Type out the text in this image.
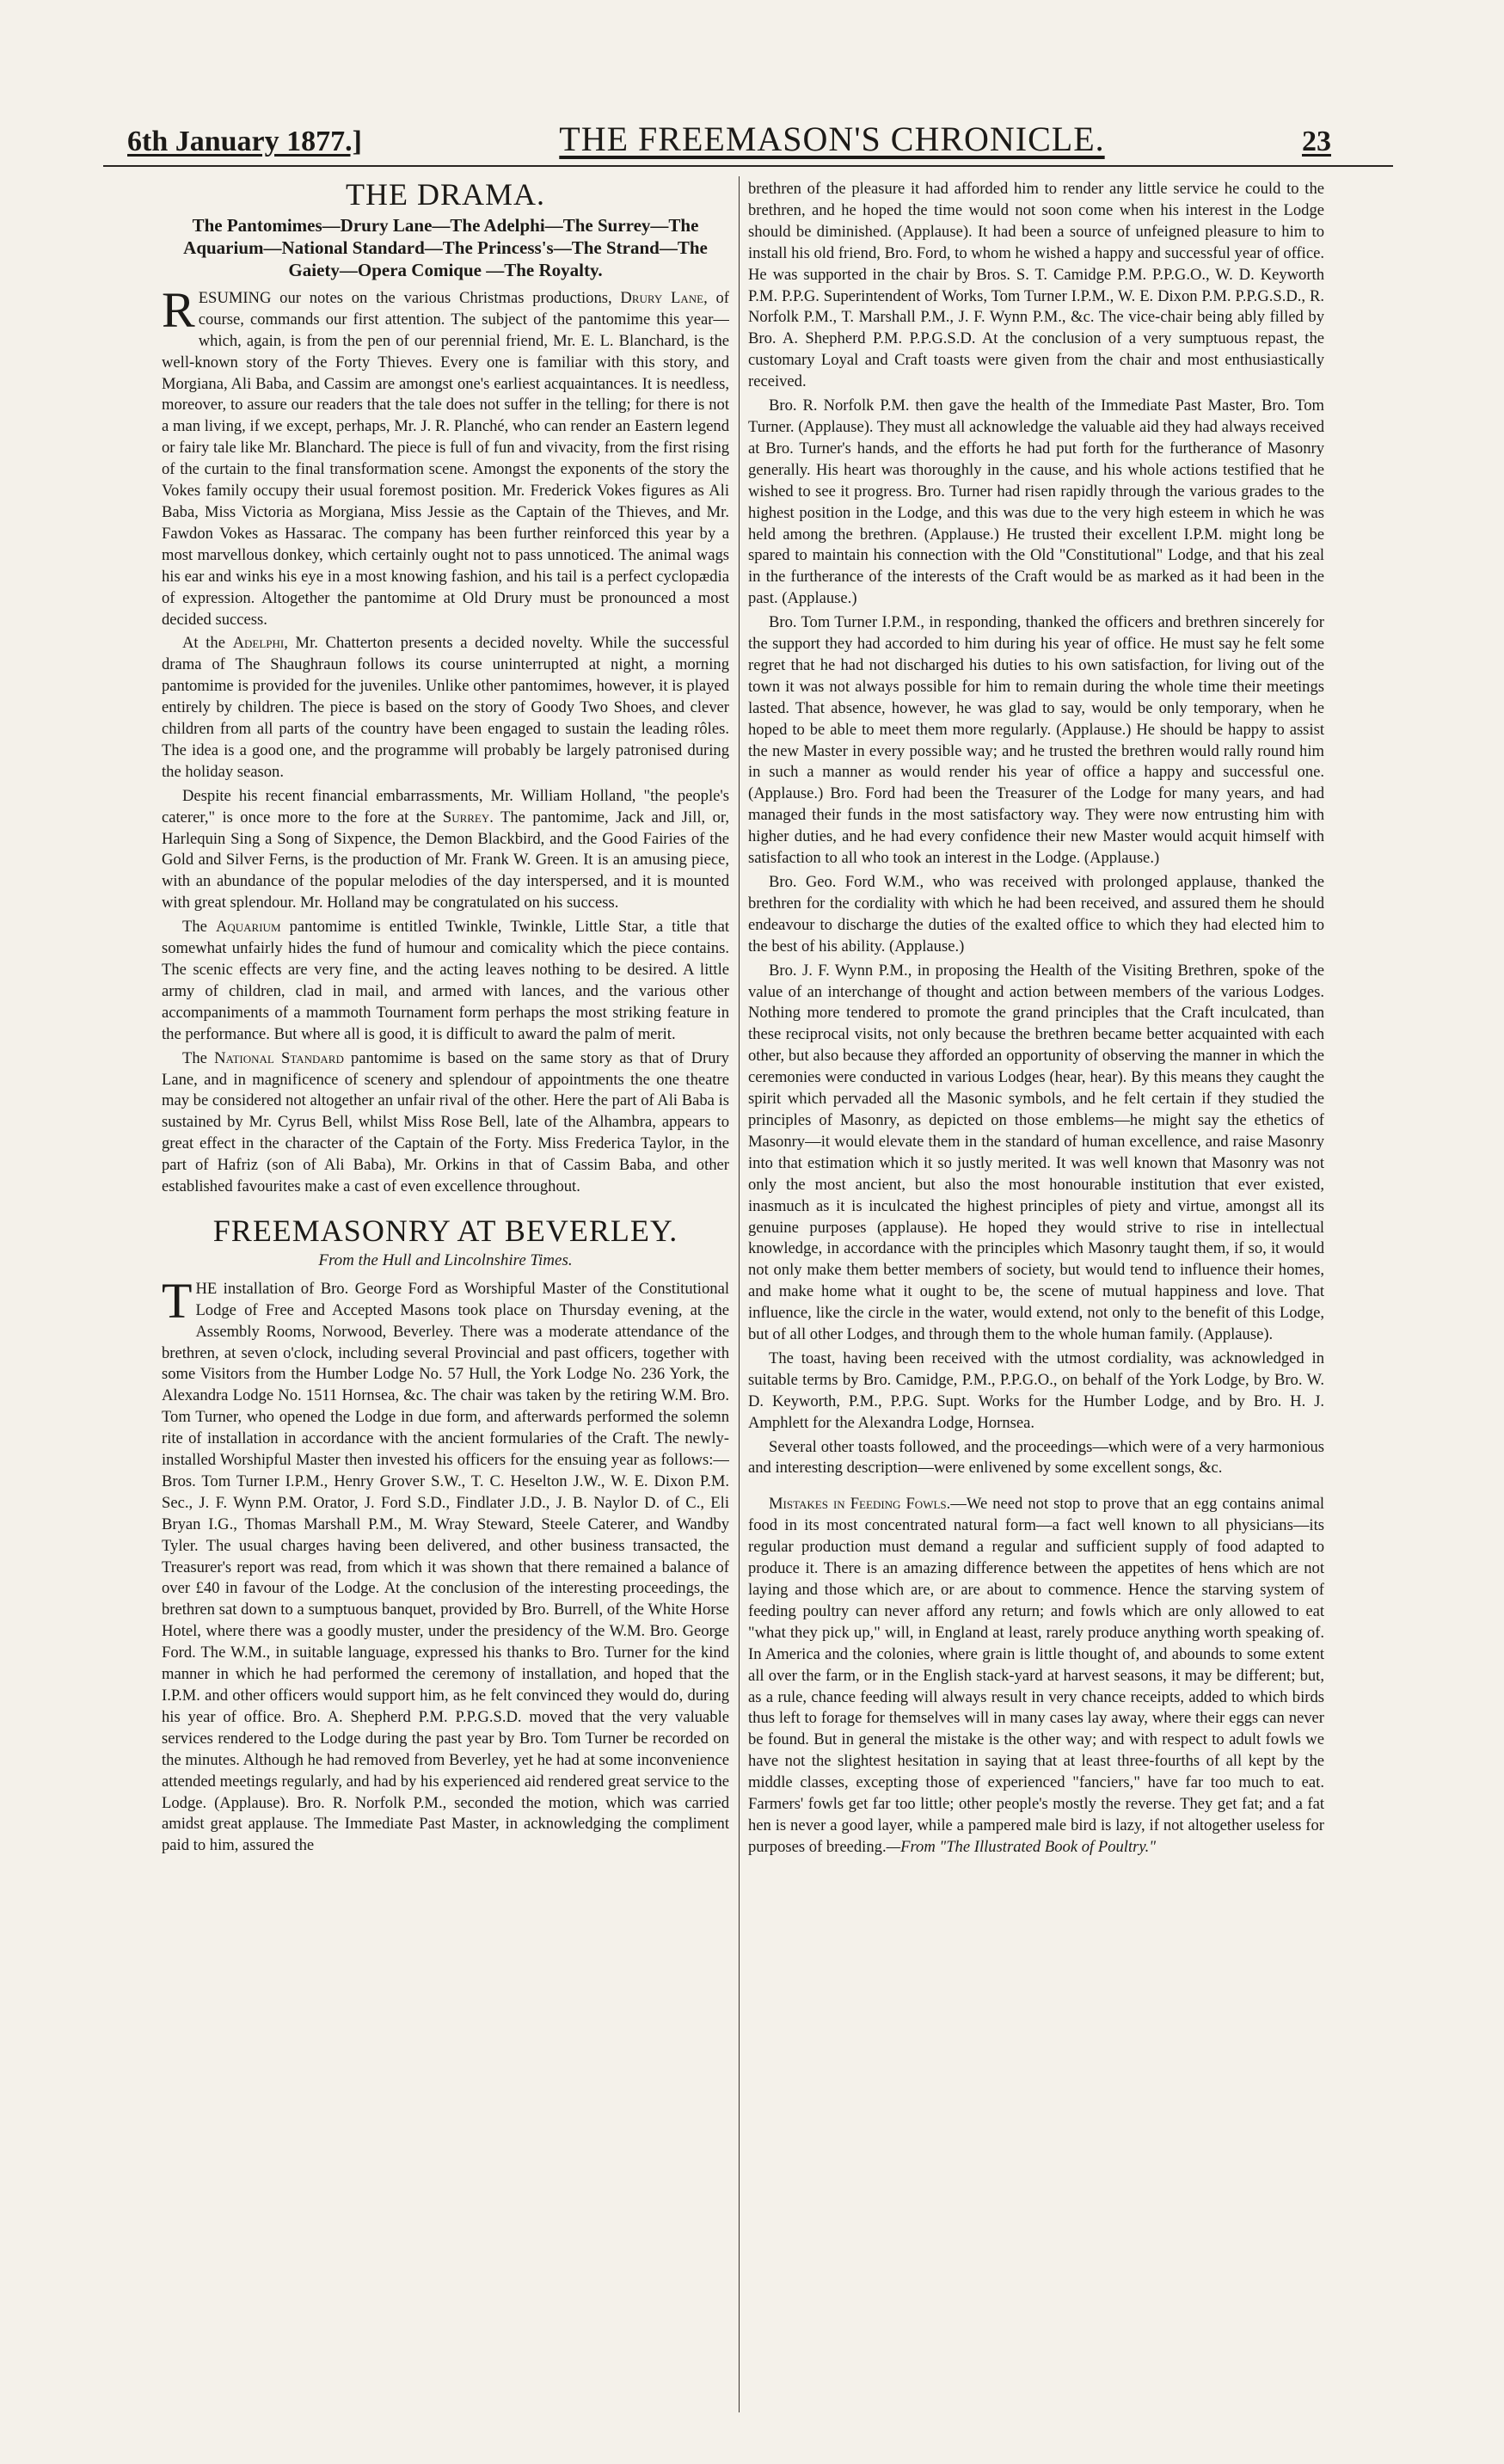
6th January 1877.]	THE FREEMASON'S CHRONICLE.	23
THE DRAMA.
The Pantomimes—Drury Lane—The Adelphi—The Surrey—The Aquarium—National Standard—The Princess's—The Strand—The Gaiety—Opera Comique —The Royalty.

RESUMING our notes on the various Christmas productions, Drury Lane, of course, commands our first attention. The subject of the pantomime this year—which, again, is from the pen of our perennial friend, Mr. E. L. Blanchard, is the well-known story of the Forty Thieves. Every one is familiar with this story, and Morgiana, Ali Baba, and Cassim are amongst one's earliest acquaintances. It is needless, moreover, to assure our readers that the tale does not suffer in the telling; for there is not a man living, if we except, perhaps, Mr. J. R. Planché, who can render an Eastern legend or fairy tale like Mr. Blanchard. The piece is full of fun and vivacity, from the first rising of the curtain to the final transformation scene. Amongst the exponents of the story the Vokes family occupy their usual foremost position. Mr. Frederick Vokes figures as Ali Baba, Miss Victoria as Morgiana, Miss Jessie as the Captain of the Thieves, and Mr. Fawdon Vokes as Hassarac. The company has been further reinforced this year by a most marvellous donkey, which certainly ought not to pass unnoticed. The animal wags his ear and winks his eye in a most knowing fashion, and his tail is a perfect cyclopædia of expression. Altogether the pantomime at Old Drury must be pronounced a most decided success.

At the Adelphi, Mr. Chatterton presents a decided novelty. While the successful drama of The Shaughraun follows its course uninterrupted at night, a morning pantomime is provided for the juveniles. Unlike other pantomimes, however, it is played entirely by children. The piece is based on the story of Goody Two Shoes, and clever children from all parts of the country have been engaged to sustain the leading rôles. The idea is a good one, and the programme will probably be largely patronised during the holiday season.

Despite his recent financial embarrassments, Mr. William Holland, "the people's caterer," is once more to the fore at the Surrey. The pantomime, Jack and Jill, or, Harlequin Sing a Song of Sixpence, the Demon Blackbird, and the Good Fairies of the Gold and Silver Ferns, is the production of Mr. Frank W. Green. It is an amusing piece, with an abundance of the popular melodies of the day interspersed, and it is mounted with great splendour. Mr. Holland may be congratulated on his success.

The Aquarium pantomime is entitled Twinkle, Twinkle, Little Star, a title that somewhat unfairly hides the fund of humour and comicality which the piece contains. The scenic effects are very fine, and the acting leaves nothing to be desired. A little army of children, clad in mail, and armed with lances, and the various other accompaniments of a mammoth Tournament form perhaps the most striking feature in the performance. But where all is good, it is difficult to award the palm of merit.

The National Standard pantomime is based on the same story as that of Drury Lane, and in magnificence of scenery and splendour of appointments the one theatre may be considered not altogether an unfair rival of the other. Here the part of Ali Baba is sustained by Mr. Cyrus Bell, whilst Miss Rose Bell, late of the Alhambra, appears to great effect in the character of the Captain of the Forty. Miss Frederica Taylor, in the part of Hafriz (son of Ali Baba), Mr. Orkins in that of Cassim Baba, and other established favourites make a cast of even excellence throughout.

FREEMASONRY AT BEVERLEY.
From the Hull and Lincolnshire Times.

THE installation of Bro. George Ford as Worshipful Master of the Constitutional Lodge of Free and Accepted Masons took place on Thursday evening, at the Assembly Rooms, Norwood, Beverley. There was a moderate attendance of the brethren, at seven o'clock, including several Provincial and past officers, together with some Visitors from the Humber Lodge No. 57 Hull, the York Lodge No. 236 York, the Alexandra Lodge No. 1511 Hornsea, &c. The chair was taken by the retiring W.M. Bro. Tom Turner, who opened the Lodge in due form, and afterwards performed the solemn rite of installation in accordance with the ancient formularies of the Craft. The newly-installed Worshipful Master then invested his officers for the ensuing year as follows:—Bros. Tom Turner I.P.M., Henry Grover S.W., T. C. Heselton J.W., W. E. Dixon P.M. Sec., J. F. Wynn P.M. Orator, J. Ford S.D., Findlater J.D., J. B. Naylor D. of C., Eli Bryan I.G., Thomas Marshall P.M., M. Wray Steward, Steele Caterer, and Wandby Tyler. The usual charges having been delivered, and other business transacted, the Treasurer's report was read, from which it was shown that there remained a balance of over £40 in favour of the Lodge. At the conclusion of the interesting proceedings, the brethren sat down to a sumptuous banquet, provided by Bro. Burrell, of the White Horse Hotel, where there was a goodly muster, under the presidency of the W.M. Bro. George Ford. The W.M., in suitable language, expressed his thanks to Bro. Turner for the kind manner in which he had performed the ceremony of installation, and hoped that the I.P.M. and other officers would support him, as he felt convinced they would do, during his year of office. Bro. A. Shepherd P.M. P.P.G.S.D. moved that the very valuable services rendered to the Lodge during the past year by Bro. Tom Turner be recorded on the minutes. Although he had removed from Beverley, yet he had at some inconvenience attended meetings regularly, and had by his experienced aid rendered great service to the Lodge. (Applause). Bro. R. Norfolk P.M., seconded the motion, which was carried amidst great applause. The Immediate Past Master, in acknowledging the compliment paid to him, assured the

brethren of the pleasure it had afforded him to render any little service he could to the brethren, and he hoped the time would not soon come when his interest in the Lodge should be diminished. (Applause). It had been a source of unfeigned pleasure to him to install his old friend, Bro. Ford, to whom he wished a happy and successful year of office. He was supported in the chair by Bros. S. T. Camidge P.M. P.P.G.O., W. D. Keyworth P.M. P.P.G. Superintendent of Works, Tom Turner I.P.M., W. E. Dixon P.M. P.P.G.S.D., R. Norfolk P.M., T. Marshall P.M., J. F. Wynn P.M., &c. The vice-chair being ably filled by Bro. A. Shepherd P.M. P.P.G.S.D. At the conclusion of a very sumptuous repast, the customary Loyal and Craft toasts were given from the chair and most enthusiastically received.

Bro. R. Norfolk P.M. then gave the health of the Immediate Past Master, Bro. Tom Turner. (Applause). They must all acknowledge the valuable aid they had always received at Bro. Turner's hands, and the efforts he had put forth for the furtherance of Masonry generally. His heart was thoroughly in the cause, and his whole actions testified that he wished to see it progress. Bro. Turner had risen rapidly through the various grades to the highest position in the Lodge, and this was due to the very high esteem in which he was held among the brethren. (Applause.) He trusted their excellent I.P.M. might long be spared to maintain his connection with the Old "Constitutional" Lodge, and that his zeal in the furtherance of the interests of the Craft would be as marked as it had been in the past. (Applause.)

Bro. Tom Turner I.P.M., in responding, thanked the officers and brethren sincerely for the support they had accorded to him during his year of office. He must say he felt some regret that he had not discharged his duties to his own satisfaction, for living out of the town it was not always possible for him to remain during the whole time their meetings lasted. That absence, however, he was glad to say, would be only temporary, when he hoped to be able to meet them more regularly. (Applause.) He should be happy to assist the new Master in every possible way; and he trusted the brethren would rally round him in such a manner as would render his year of office a happy and successful one. (Applause.) Bro. Ford had been the Treasurer of the Lodge for many years, and had managed their funds in the most satisfactory way. They were now entrusting him with higher duties, and he had every confidence their new Master would acquit himself with satisfaction to all who took an interest in the Lodge. (Applause.)

Bro. Geo. Ford W.M., who was received with prolonged applause, thanked the brethren for the cordiality with which he had been received, and assured them he should endeavour to discharge the duties of the exalted office to which they had elected him to the best of his ability. (Applause.)

Bro. J. F. Wynn P.M., in proposing the Health of the Visiting Brethren, spoke of the value of an interchange of thought and action between members of the various Lodges. Nothing more tendered to promote the grand principles that the Craft inculcated, than these reciprocal visits, not only because the brethren became better acquainted with each other, but also because they afforded an opportunity of observing the manner in which the ceremonies were conducted in various Lodges (hear, hear). By this means they caught the spirit which pervaded all the Masonic symbols, and he felt certain if they studied the principles of Masonry, as depicted on those emblems—he might say the ethetics of Masonry—it would elevate them in the standard of human excellence, and raise Masonry into that estimation which it so justly merited. It was well known that Masonry was not only the most ancient, but also the most honourable institution that ever existed, inasmuch as it is inculcated the highest principles of piety and virtue, amongst all its genuine purposes (applause). He hoped they would strive to rise in intellectual knowledge, in accordance with the principles which Masonry taught them, if so, it would not only make them better members of society, but would tend to influence their homes, and make home what it ought to be, the scene of mutual happiness and love. That influence, like the circle in the water, would extend, not only to the benefit of this Lodge, but of all other Lodges, and through them to the whole human family. (Applause).

The toast, having been received with the utmost cordiality, was acknowledged in suitable terms by Bro. Camidge, P.M., P.P.G.O., on behalf of the York Lodge, by Bro. W. D. Keyworth, P.M., P.P.G. Supt. Works for the Humber Lodge, and by Bro. H. J. Amphlett for the Alexandra Lodge, Hornsea.

Several other toasts followed, and the proceedings—which were of a very harmonious and interesting description—were enlivened by some excellent songs, &c.

Mistakes in Feeding Fowls.—We need not stop to prove that an egg contains animal food in its most concentrated natural form—a fact well known to all physicians—its regular production must demand a regular and sufficient supply of food adapted to produce it. There is an amazing difference between the appetites of hens which are not laying and those which are, or are about to commence. Hence the starving system of feeding poultry can never afford any return; and fowls which are only allowed to eat "what they pick up," will, in England at least, rarely produce anything worth speaking of. In America and the colonies, where grain is little thought of, and abounds to some extent all over the farm, or in the English stack-yard at harvest seasons, it may be different; but, as a rule, chance feeding will always result in very chance receipts, added to which birds thus left to forage for themselves will in many cases lay away, where their eggs can never be found. But in general the mistake is the other way; and with respect to adult fowls we have not the slightest hesitation in saying that at least three-fourths of all kept by the middle classes, excepting those of experienced "fanciers," have far too much to eat. Farmers' fowls get far too little; other people's mostly the reverse. They get fat; and a fat hen is never a good layer, while a pampered male bird is lazy, if not altogether useless for purposes of breeding.—From "The Illustrated Book of Poultry."
